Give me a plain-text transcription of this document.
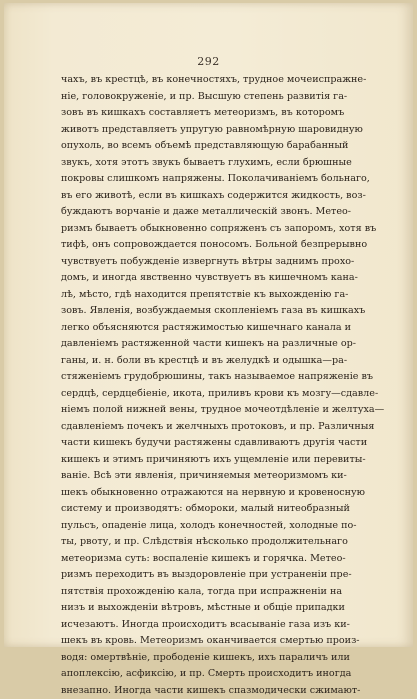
292
чахъ, въ крестцѣ, въ конечностяхъ, трудное мочеиспражне-
ніе, головокруженіе, и пр. Высшую степень развитія га-
зовъ въ кишкахъ составляетъ метеоризмъ, въ которомъ
животъ представляетъ упругую равномѣрную шаровидную
опухоль, во всемъ объемѣ представляющую барабанный
звукъ, хотя этотъ звукъ бываетъ глухимъ, если брюшные
покровы слишкомъ напряжены. Поколачиваніемъ больнаго,
въ его животѣ, если въ кишкахъ содержится жидкость, воз-
буждаютъ ворчаніе и даже металлическій звонъ. Метео-
ризмъ бываетъ обыкновенно сопряженъ съ запоромъ, хотя въ
тифѣ, онъ сопровождается поносомъ. Больной безпрерывно
чувствуетъ побужденіе извергнуть вѣтры заднимъ прохо-
домъ, и иногда явственно чувствуетъ въ кишечномъ кана-
лѣ, мѣсто, гдѣ находится препятствіе къ выхожденію га-
зовъ. Явленія, возбуждаемыя скопленіемъ газа въ кишкахъ
легко объясняются растяжимостью кишечнаго канала и
давленіемъ растяженной части кишекъ на различные ор-
ганы, и. н. боли въ крестцѣ и въ желудкѣ и одышка—ра-
стяженіемъ грудобрюшины, такъ называемое напряженіе въ
сердцѣ, сердцебіеніе, икота, приливъ крови къ мозгу—сдавле-
ніемъ полой нижней вены, трудное мочеотдѣленіе и желтуха—
сдавленіемъ почекъ и желчныхъ протоковъ, и пр. Различныя
части кишекъ будучи растяжены сдавливаютъ другія части
кишекъ и этимъ причиняютъ ихъ ущемленіе или перевиты-
ваніе. Всѣ эти явленія, причиняемыя метеоризмомъ ки-
шекъ обыкновенно отражаются на нервную и кровеносную
систему и производятъ: обмороки, малый нитеобразный
пульсъ, опаденіе лица, холодъ конечностей, холодные по-
ты, рвоту, и пр. Слѣдствія нѣсколько продолжительнаго
метеоризма суть: воспаленіе кишекъ и горячка. Метео-
ризмъ переходитъ въ выздоровленіе при устраненіи пре-
пятствія прохожденію кала, тогда при испражненіи на
низъ и выхожденіи вѣтровъ, мѣстные и общіе припадки
исчезаютъ. Иногда происходитъ всасываніе газа изъ ки-
шекъ въ кровь. Метеоризмъ оканчивается смертью произ-
водя: омертвѣніе, прободеніе кишекъ, ихъ параличъ или
апоплексію, асфиксію, и пр. Смерть происходитъ иногда
внезапно. Иногда части кишекъ спазмодически сжимают-
